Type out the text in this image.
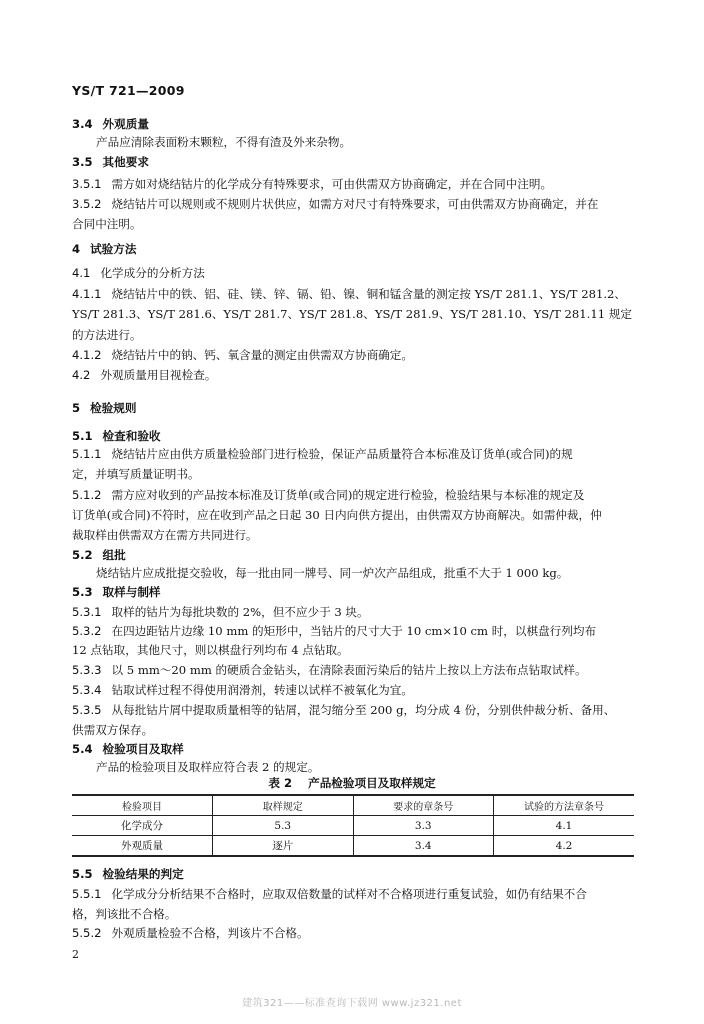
YS/T 721—2009
3.4 外观质量
产品应清除表面粉末颗粒，不得有渣及外来杂物。
3.5 其他要求
3.5.1 需方如对烧结钴片的化学成分有特殊要求，可由供需双方协商确定，并在合同中注明。
3.5.2 烧结钴片可以规则或不规则片状供应，如需方对尺寸有特殊要求，可由供需双方协商确定，并在
合同中注明。
4 试验方法
4.1 化学成分的分析方法
4.1.1 烧结钴片中的铁、铝、硅、镁、锌、镉、铅、镍、铜和锰含量的测定按 YS/T 281.1、YS/T 281.2、
YS/T 281.3、YS/T 281.6、YS/T 281.7、YS/T 281.8、YS/T 281.9、YS/T 281.10、YS/T 281.11 规定
的方法进行。
4.1.2 烧结钴片中的钠、钙、氧含量的测定由供需双方协商确定。
4.2 外观质量用目视检查。
5 检验规则
5.1 检查和验收
5.1.1 烧结钴片应由供方质量检验部门进行检验，保证产品质量符合本标准及订货单(或合同)的规
定，并填写质量证明书。
5.1.2 需方应对收到的产品按本标准及订货单(或合同)的规定进行检验，检验结果与本标准的规定及
订货单(或合同)不符时，应在收到产品之日起 30 日内向供方提出，由供需双方协商解决。如需仲裁，仲
裁取样由供需双方在需方共同进行。
5.2 组批
烧结钴片应成批提交验收，每一批由同一牌号、同一炉次产品组成，批重不大于 1 000 kg。
5.3 取样与制样
5.3.1 取样的钴片为每批块数的 2%，但不应少于 3 块。
5.3.2 在四边距钴片边缘 10 mm 的矩形中，当钴片的尺寸大于 10 cm×10 cm 时，以棋盘行列均布
12 点钻取，其他尺寸，则以棋盘行列均布 4 点钻取。
5.3.3 以 5 mm～20 mm 的硬质合金钻头，在清除表面污染后的钴片上按以上方法布点钻取试样。
5.3.4 钻取试样过程不得使用润滑剂，转速以试样不被氧化为宜。
5.3.5 从每批钴片屑中提取质量相等的钻屑，混匀缩分至 200 g，均分成 4 份，分别供仲裁分析、备用、
供需双方保存。
5.4 检验项目及取样
产品的检验项目及取样应符合表 2 的规定。
5.5 检验结果的判定
5.5.1 化学成分分析结果不合格时，应取双倍数量的试样对不合格项进行重复试验，如仍有结果不合
格，判该批不合格。
5.5.2 外观质量检验不合格，判该片不合格。
表 2 产品检验项目及取样规定
检验项目	取样规定	要求的章条号	试验的方法章条号
化学成分	5.3	3.3	4.1
外观质量	逐片	3.4	4.2
2
建筑321——标准查询下载网 www.jz321.net
